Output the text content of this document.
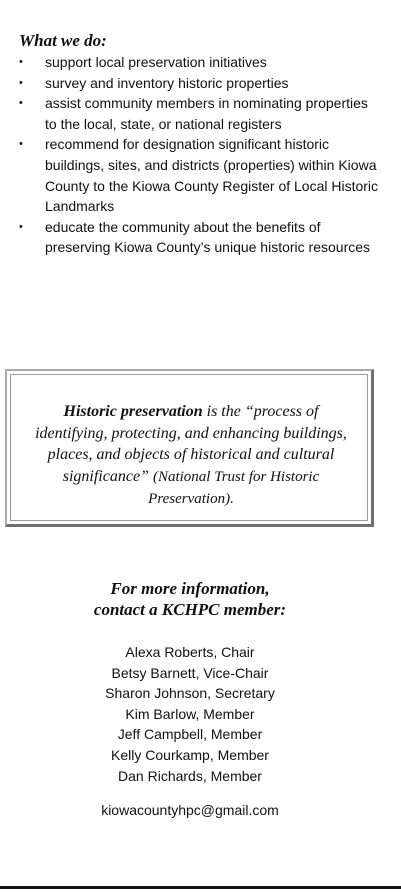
What we do:
• support local preservation initiatives
• survey and inventory historic properties
• assist community members in nominating properties to the local, state, or national registers
• recommend for designation significant historic buildings, sites, and districts (properties) within Kiowa County to the Kiowa County Register of Local Historic Landmarks
• educate the community about the benefits of preserving Kiowa County’s unique historic resources

Historic preservation is the “process of identifying, protecting, and enhancing buildings, places, and objects of historical and cultural significance” (National Trust for Historic Preservation).

For more information,
contact a KCHPC member:
Alexa Roberts, Chair
Betsy Barnett, Vice-Chair
Sharon Johnson, Secretary
Kim Barlow, Member
Jeff Campbell, Member
Kelly Courkamp, Member
Dan Richards, Member
kiowacountyhpc@gmail.com
